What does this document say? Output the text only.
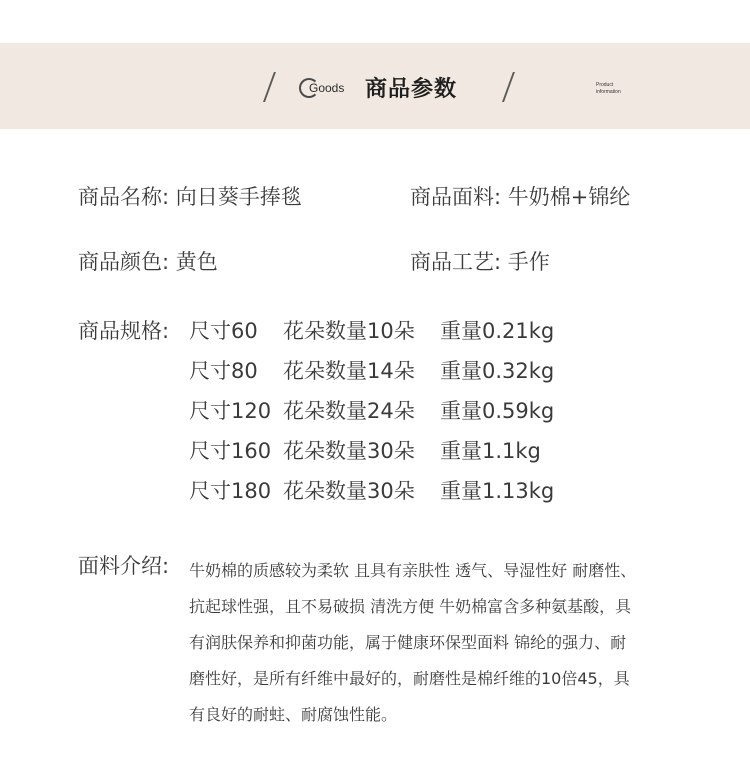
Goods 商品参数	Product
information
商品名称: 向日葵手捧毯	商品面料: 牛奶棉+锦纶
商品颜色: 黄色	商品工艺: 手作
商品规格: 尺寸60 花朵数量10朵 重量0.21kg
尺寸80 花朵数量14朵 重量0.32kg
尺寸120 花朵数量24朵 重量0.59kg
尺寸160 花朵数量30朵 重量1.1kg
尺寸180 花朵数量30朵 重量1.13kg
面料介绍: 牛奶棉的质感较为柔软 且具有亲肤性 透气、导湿性好 耐磨性、
抗起球性强，且不易破损 清洗方便 牛奶棉富含多种氨基酸，具
有润肤保养和抑菌功能，属于健康环保型面料 锦纶的强力、耐
磨性好，是所有纤维中最好的，耐磨性是棉纤维的10倍45，具
有良好的耐蛀、耐腐蚀性能。
